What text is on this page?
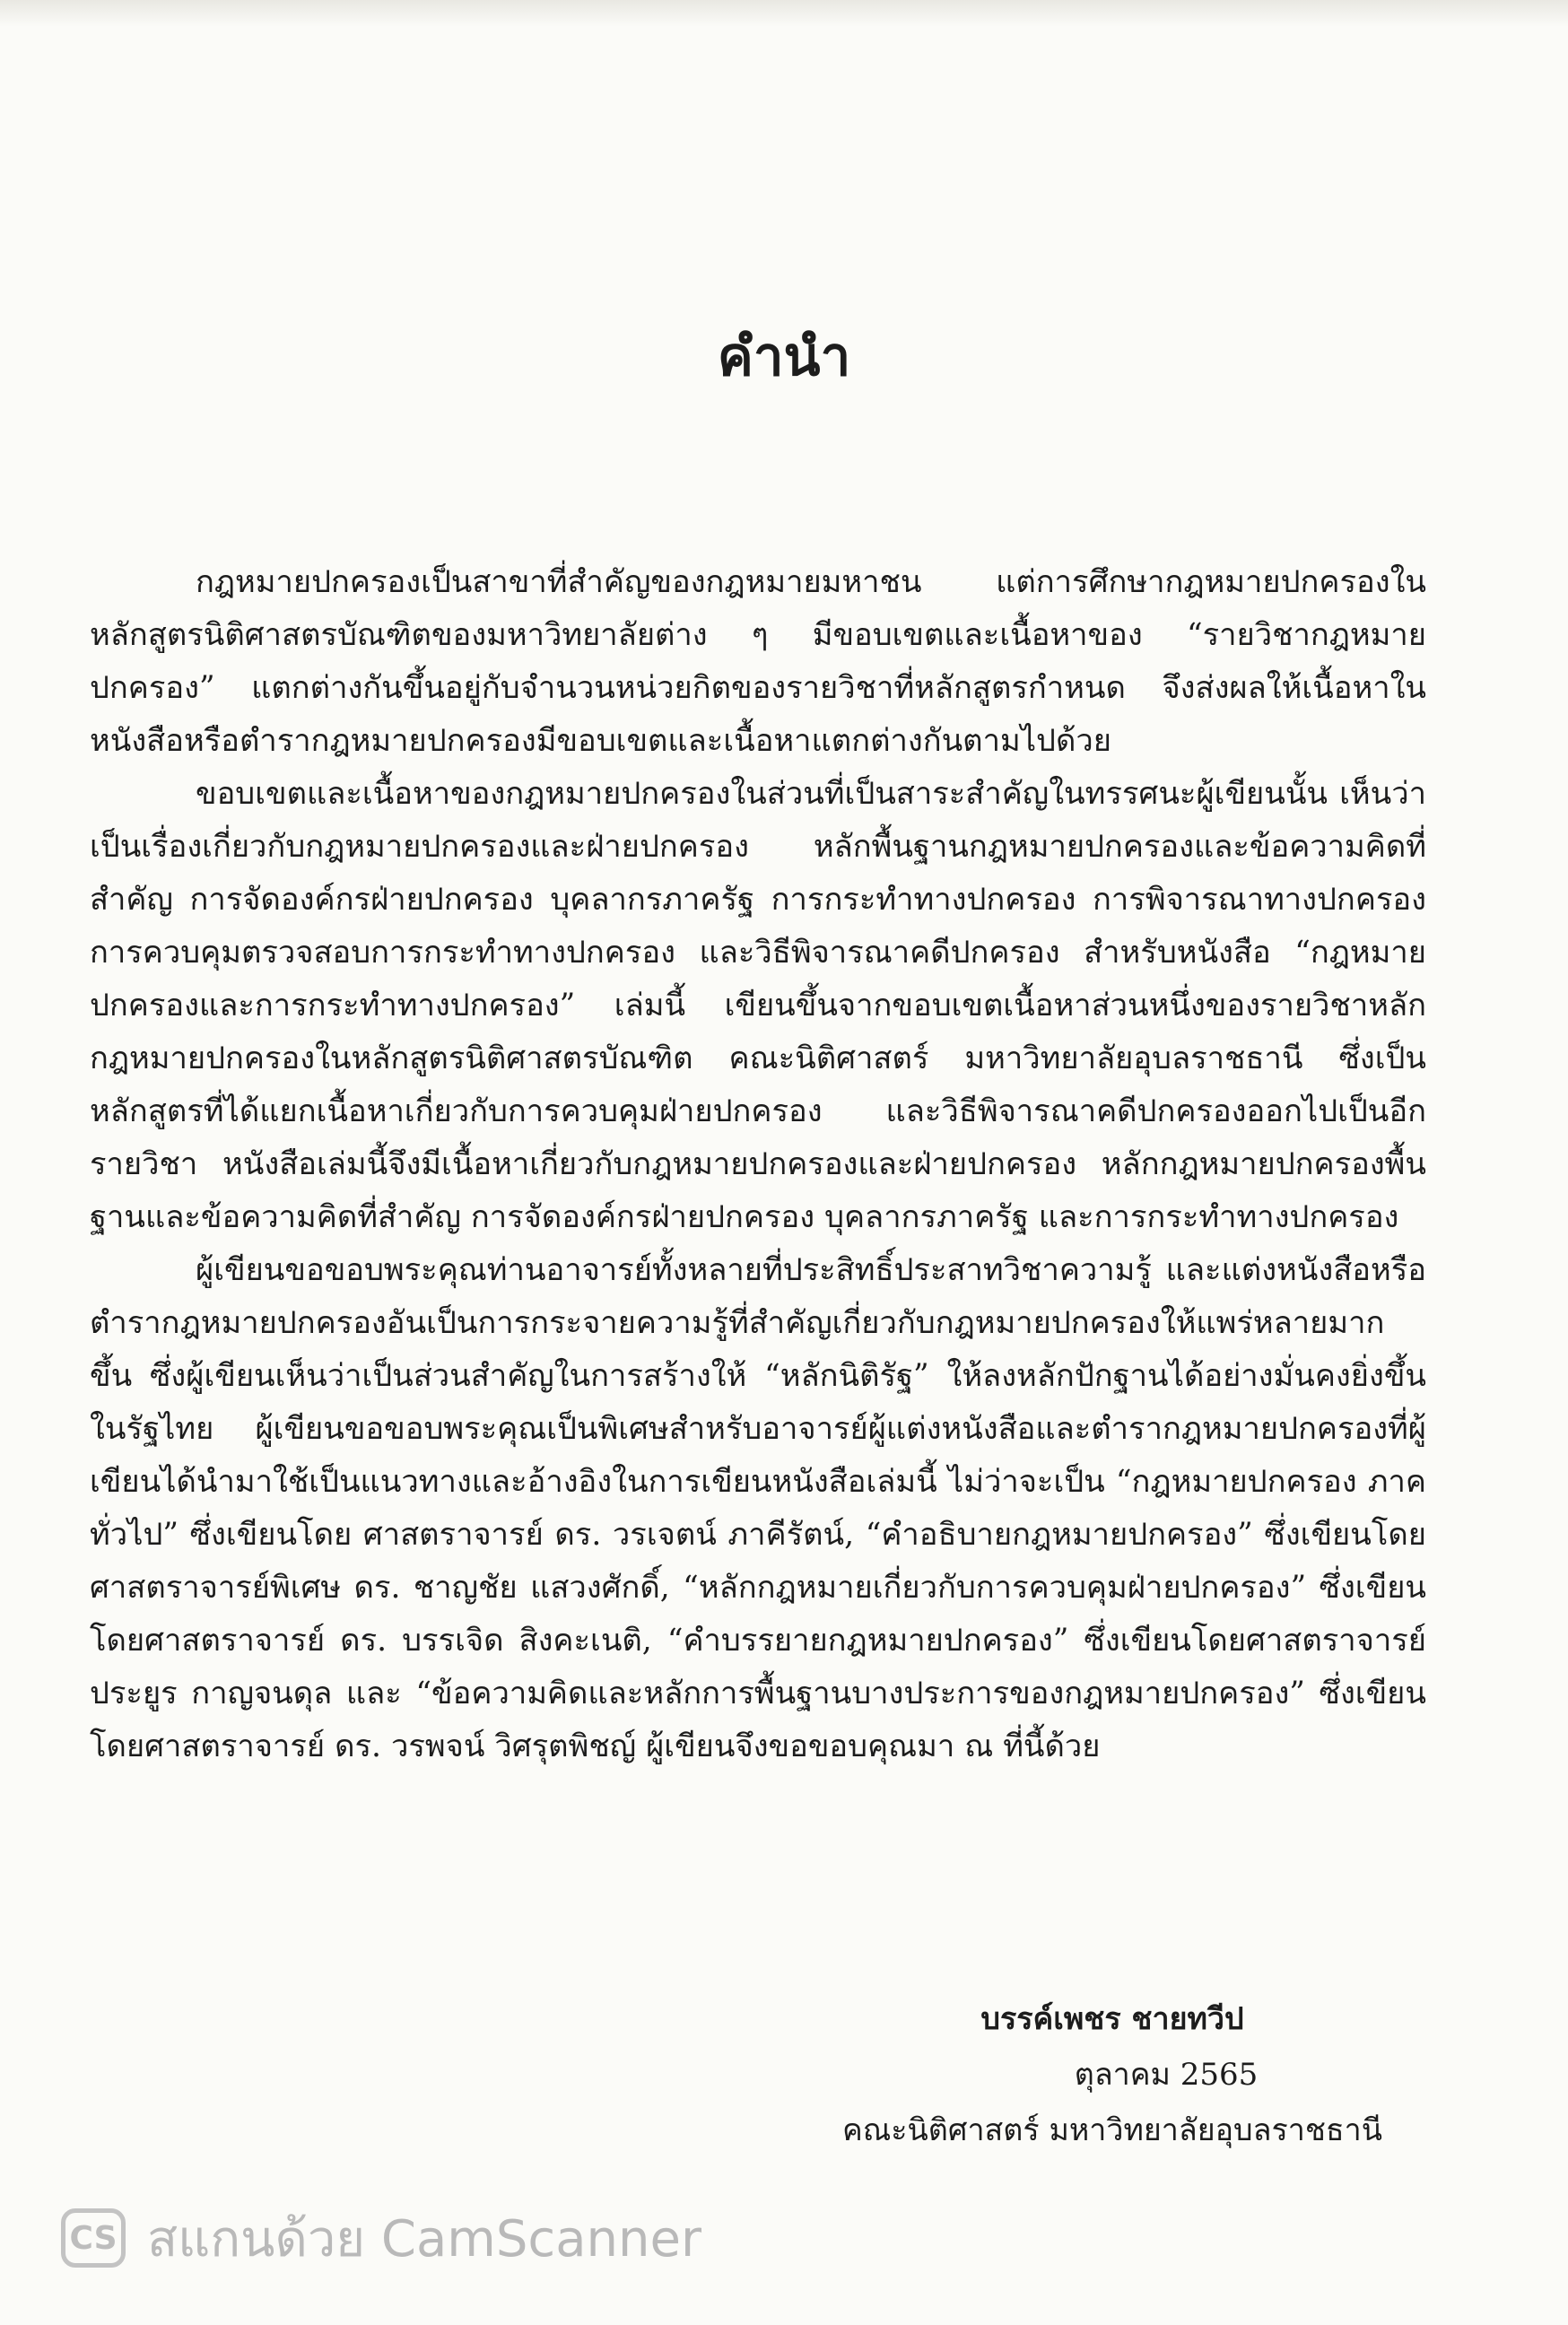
คำนำ

กฎหมายปกครองเป็นสาขาที่สำคัญของกฎหมายมหาชน แต่การศึกษากฎหมายปกครองในหลักสูตรนิติศาสตรบัณฑิตของมหาวิทยาลัยต่าง ๆ มีขอบเขตและเนื้อหาของ “รายวิชากฎหมายปกครอง” แตกต่างกันขึ้นอยู่กับจำนวนหน่วยกิตของรายวิชาที่หลักสูตรกำหนด จึงส่งผลให้เนื้อหาในหนังสือหรือตำรากฎหมายปกครองมีขอบเขตและเนื้อหาแตกต่างกันตามไปด้วย

ขอบเขตและเนื้อหาของกฎหมายปกครองในส่วนที่เป็นสาระสำคัญในทรรศนะผู้เขียนนั้น เห็นว่าเป็นเรื่องเกี่ยวกับกฎหมายปกครองและฝ่ายปกครอง หลักพื้นฐานกฎหมายปกครองและข้อความคิดที่สำคัญ การจัดองค์กรฝ่ายปกครอง บุคลากรภาครัฐ การกระทำทางปกครอง การพิจารณาทางปกครอง การควบคุมตรวจสอบการกระทำทางปกครอง และวิธีพิจารณาคดีปกครอง สำหรับหนังสือ “กฎหมายปกครองและการกระทำทางปกครอง” เล่มนี้ เขียนขึ้นจากขอบเขตเนื้อหาส่วนหนึ่งของรายวิชาหลักกฎหมายปกครองในหลักสูตรนิติศาสตรบัณฑิต คณะนิติศาสตร์ มหาวิทยาลัยอุบลราชธานี ซึ่งเป็นหลักสูตรที่ได้แยกเนื้อหาเกี่ยวกับการควบคุมฝ่ายปกครอง และวิธีพิจารณาคดีปกครองออกไปเป็นอีกรายวิชา หนังสือเล่มนี้จึงมีเนื้อหาเกี่ยวกับกฎหมายปกครองและฝ่ายปกครอง หลักกฎหมายปกครองพื้นฐานและข้อความคิดที่สำคัญ การจัดองค์กรฝ่ายปกครอง บุคลากรภาครัฐ และการกระทำทางปกครอง

ผู้เขียนขอขอบพระคุณท่านอาจารย์ทั้งหลายที่ประสิทธิ์ประสาทวิชาความรู้ และแต่งหนังสือหรือตำรากฎหมายปกครองอันเป็นการกระจายความรู้ที่สำคัญเกี่ยวกับกฎหมายปกครองให้แพร่หลายมากขึ้น ซึ่งผู้เขียนเห็นว่าเป็นส่วนสำคัญในการสร้างให้ “หลักนิติรัฐ” ให้ลงหลักปักฐานได้อย่างมั่นคงยิ่งขึ้นในรัฐไทย ผู้เขียนขอขอบพระคุณเป็นพิเศษสำหรับอาจารย์ผู้แต่งหนังสือและตำรากฎหมายปกครองที่ผู้เขียนได้นำมาใช้เป็นแนวทางและอ้างอิงในการเขียนหนังสือเล่มนี้ ไม่ว่าจะเป็น “กฎหมายปกครอง ภาคทั่วไป” ซึ่งเขียนโดย ศาสตราจารย์ ดร. วรเจตน์ ภาคีรัตน์, “คำอธิบายกฎหมายปกครอง” ซึ่งเขียนโดยศาสตราจารย์พิเศษ ดร. ชาญชัย แสวงศักดิ์, “หลักกฎหมายเกี่ยวกับการควบคุมฝ่ายปกครอง” ซึ่งเขียนโดยศาสตราจารย์ ดร. บรรเจิด สิงคะเนติ, “คำบรรยายกฎหมายปกครอง” ซึ่งเขียนโดยศาสตราจารย์ประยูร กาญจนดุล และ “ข้อความคิดและหลักการพื้นฐานบางประการของกฎหมายปกครอง” ซึ่งเขียนโดยศาสตราจารย์ ดร. วรพจน์ วิศรุตพิชญ์ ผู้เขียนจึงขอขอบคุณมา ณ ที่นี้ด้วย

บรรค์เพชร ชายทวีป
ตุลาคม 2565
คณะนิติศาสตร์ มหาวิทยาลัยอุบลราชธานี
CS สแกนด้วย CamScanner
